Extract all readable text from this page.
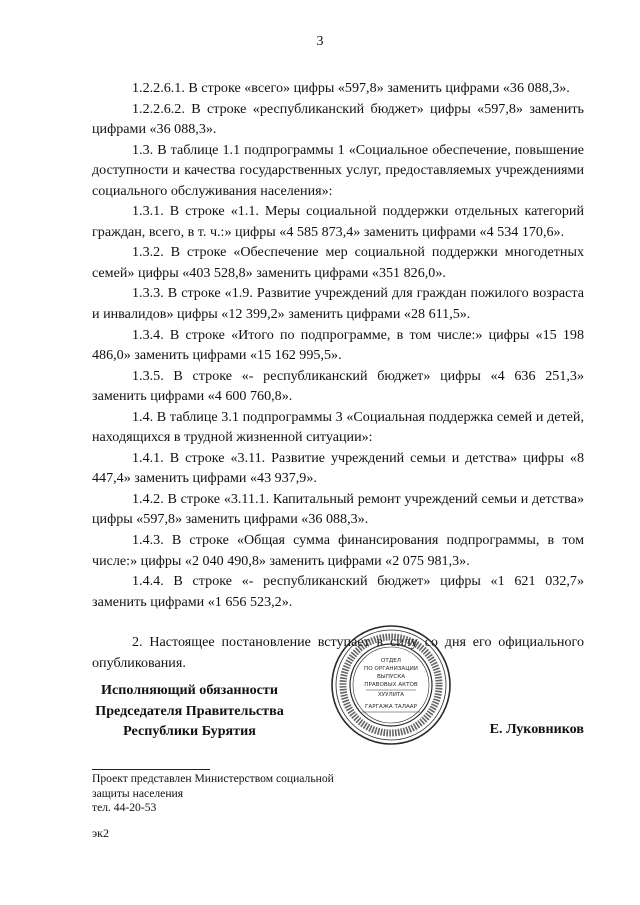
3

1.2.2.6.1. В строке «всего» цифры «597,8» заменить цифрами «36 088,3».

1.2.2.6.2. В строке «республиканский бюджет» цифры «597,8» заменить цифрами «36 088,3».

1.3. В таблице 1.1 подпрограммы 1 «Социальное обеспечение, повышение доступности и качества государственных услуг, предоставляемых учреждениями социального обслуживания населения»:

1.3.1. В строке «1.1. Меры социальной поддержки отдельных категорий граждан, всего, в т. ч.:» цифры «4 585 873,4» заменить цифрами «4 534 170,6».

1.3.2. В строке «Обеспечение мер социальной поддержки многодетных семей» цифры «403 528,8» заменить цифрами «351 826,0».

1.3.3. В строке «1.9. Развитие учреждений для граждан пожилого возраста и инвалидов» цифры «12 399,2» заменить цифрами «28 611,5».

1.3.4. В строке «Итого по подпрограмме, в том числе:» цифры «15 198 486,0» заменить цифрами «15 162 995,5».

1.3.5. В строке «- республиканский бюджет» цифры «4 636 251,3» заменить цифрами «4 600 760,8».

1.4. В таблице 3.1 подпрограммы 3 «Социальная поддержка семей и детей, находящихся в трудной жизненной ситуации»:

1.4.1. В строке «3.11. Развитие учреждений семьи и детства» цифры «8 447,4» заменить цифрами «43 937,9».

1.4.2. В строке «3.11.1. Капитальный ремонт учреждений семьи и детства» цифры «597,8» заменить цифрами «36 088,3».

1.4.3. В строке «Общая сумма финансирования подпрограммы, в том числе:» цифры «2 040 490,8» заменить цифрами «2 075 981,3».

1.4.4. В строке «- республиканский бюджет» цифры «1 621 032,7» заменить цифрами «1 656 523,2».

2. Настоящее постановление вступает в силу со дня его официального опубликования.	ОТДЕЛ
ПО ОРГАНИЗАЦИИ
ВЫПУСКА
ПРАВОВЫХ АКТОВ
ХУУЛИТА
ГАРГАЖА ТАЛААР
Исполняющий обязанности
Председателя Правительства
Республики Бурятия	Е. Луковников
Проект представлен Министерством социальной
защиты населения
тел. 44-20-53
эк2
